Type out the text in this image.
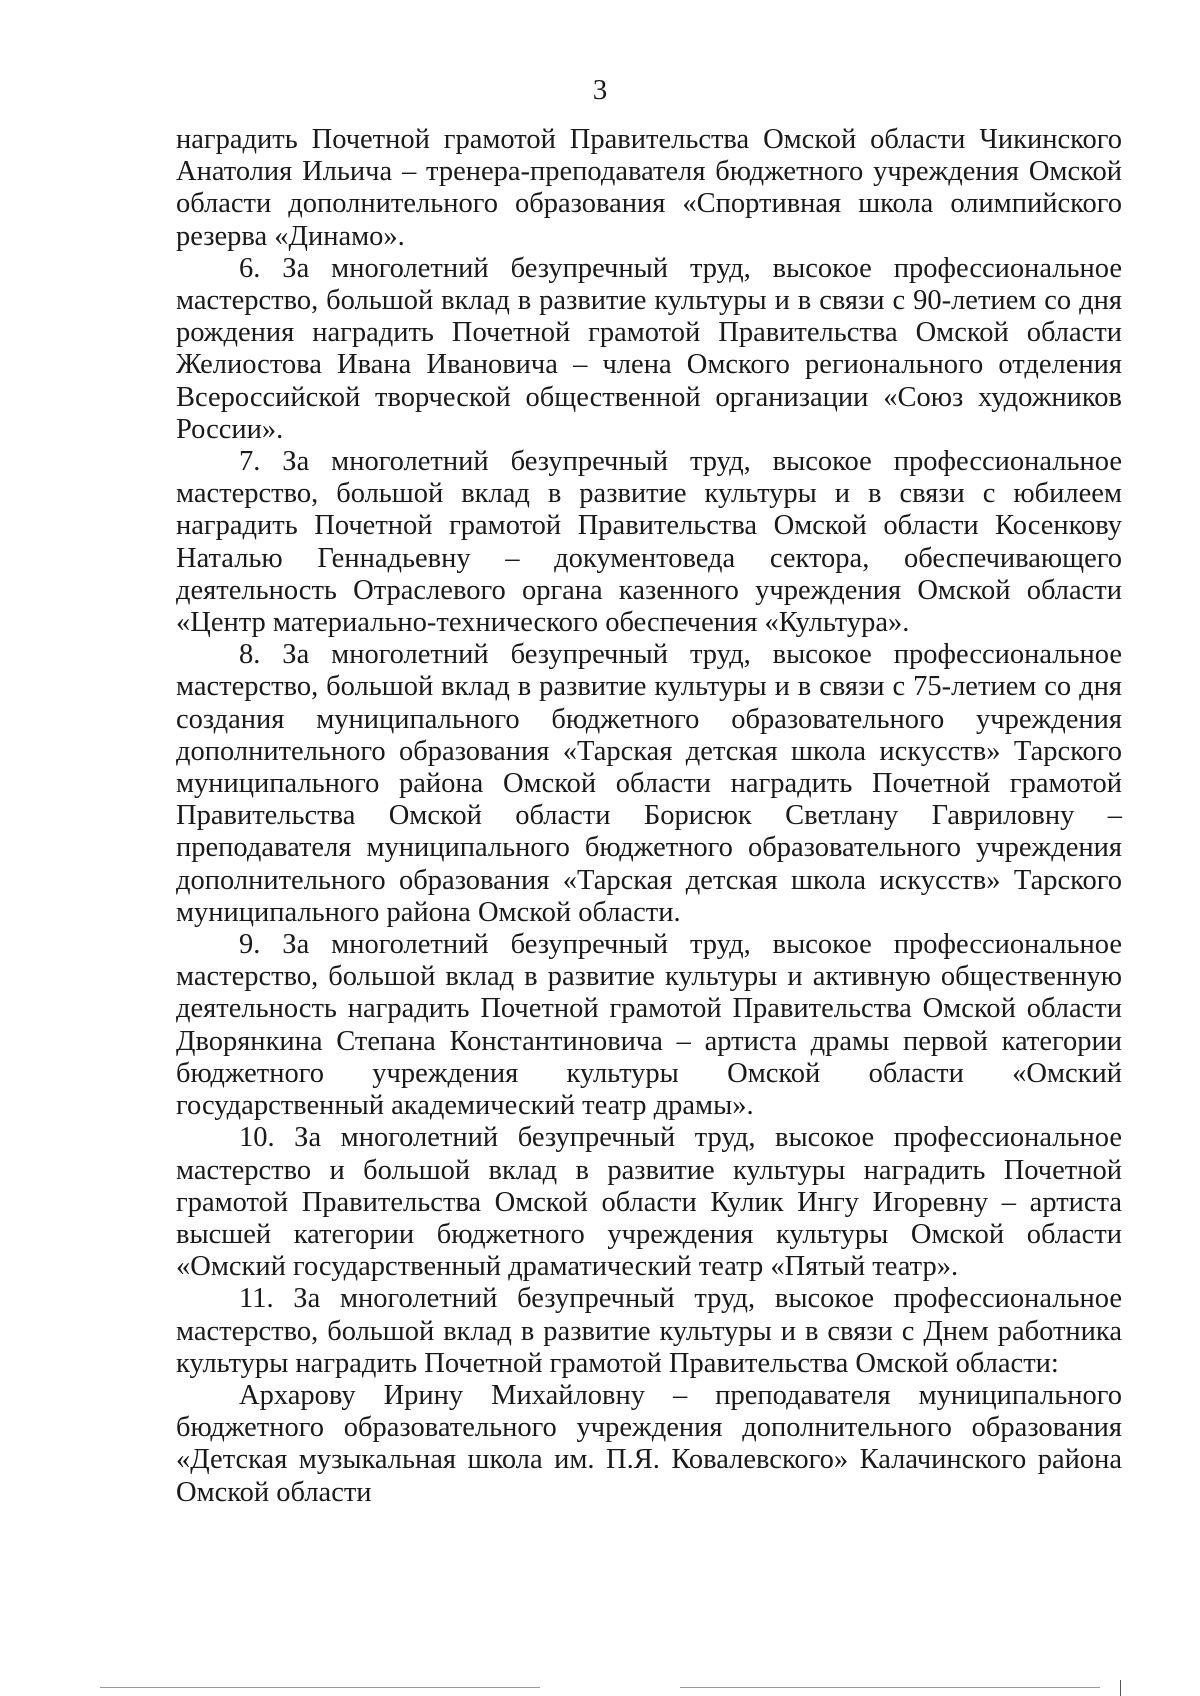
3

наградить Почетной грамотой Правительства Омской области Чикинского Анатолия Ильича – тренера-преподавателя бюджетного учреждения Омской области дополнительного образования «Спортивная школа олимпийского резерва «Динамо».

6. За многолетний безупречный труд, высокое профессиональное мастерство, большой вклад в развитие культуры и в связи с 90-летием со дня рождения наградить Почетной грамотой Правительства Омской области Желиостова Ивана Ивановича – члена Омского регионального отделения Всероссийской творческой общественной организации «Союз художников России».

7. За многолетний безупречный труд, высокое профессиональное мастерство, большой вклад в развитие культуры и в связи с юбилеем наградить Почетной грамотой Правительства Омской области Косенкову Наталью Геннадьевну – документоведа сектора, обеспечивающего деятельность Отраслевого органа казенного учреждения Омской области «Центр материально-технического обеспечения «Культура».

8. За многолетний безупречный труд, высокое профессиональное мастерство, большой вклад в развитие культуры и в связи с 75-летием со дня создания муниципального бюджетного образовательного учреждения дополнительного образования «Тарская детская школа искусств» Тарского муниципального района Омской области наградить Почетной грамотой Правительства Омской области Борисюк Светлану Гавриловну – преподавателя муниципального бюджетного образовательного учреждения дополнительного образования «Тарская детская школа искусств» Тарского муниципального района Омской области.

9. За многолетний безупречный труд, высокое профессиональное мастерство, большой вклад в развитие культуры и активную общественную деятельность наградить Почетной грамотой Правительства Омской области Дворянкина Степана Константиновича – артиста драмы первой категории бюджетного учреждения культуры Омской области «Омский государственный академический театр драмы».

10. За многолетний безупречный труд, высокое профессиональное мастерство и большой вклад в развитие культуры наградить Почетной грамотой Правительства Омской области Кулик Ингу Игоревну – артиста высшей категории бюджетного учреждения культуры Омской области «Омский государственный драматический театр «Пятый театр».

11. За многолетний безупречный труд, высокое профессиональное мастерство, большой вклад в развитие культуры и в связи с Днем работника культуры наградить Почетной грамотой Правительства Омской области:

Архарову Ирину Михайловну – преподавателя муниципального бюджетного образовательного учреждения дополнительного образования «Детская музыкальная школа им. П.Я. Ковалевского» Калачинского района Омской области
